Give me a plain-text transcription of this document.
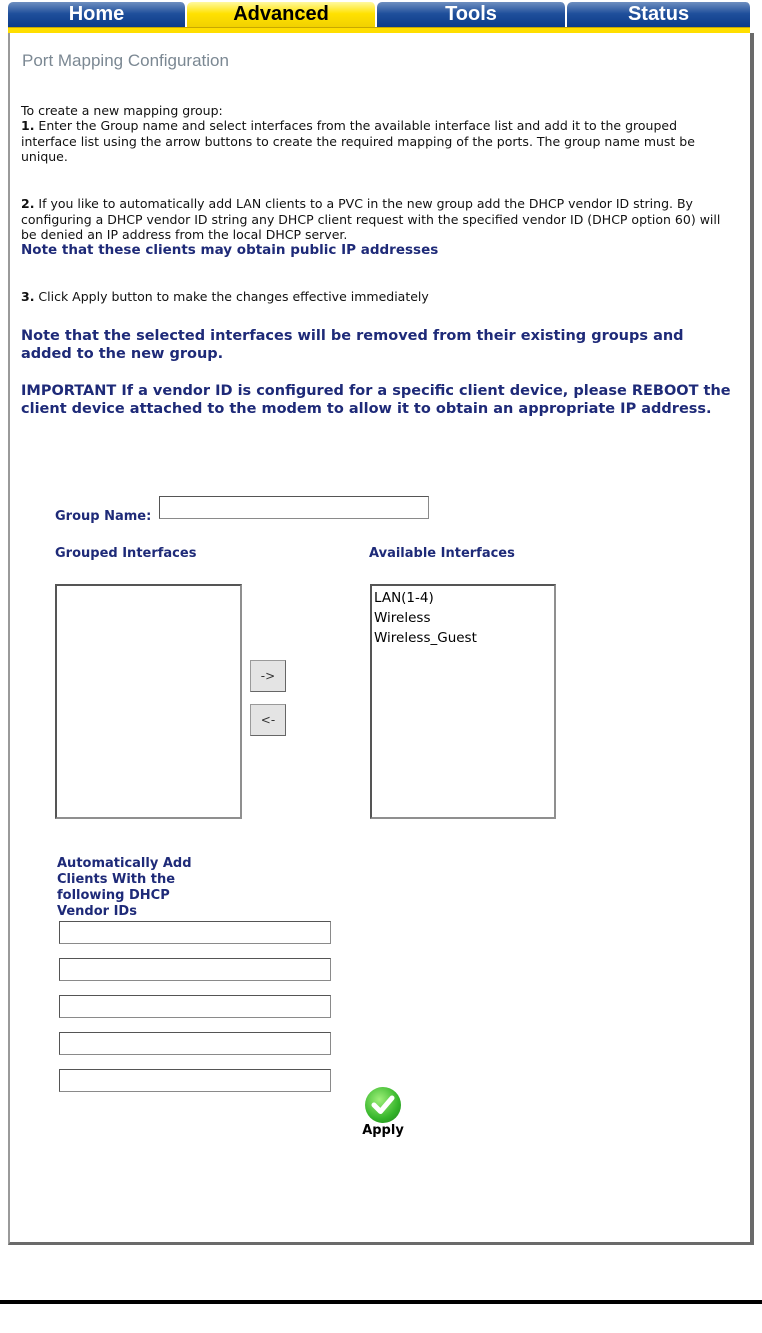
Home	Advanced	Tools	Status
Port Mapping Configuration
To create a new mapping group:
1. Enter the Group name and select interfaces from the available interface list and add it to the grouped interface list using the arrow buttons to create the required mapping of the ports. The group name must be unique.
2. If you like to automatically add LAN clients to a PVC in the new group add the DHCP vendor ID string. By configuring a DHCP vendor ID string any DHCP client request with the specified vendor ID (DHCP option 60) will be denied an IP address from the local DHCP server.
Note that these clients may obtain public IP addresses
3. Click Apply button to make the changes effective immediately
Note that the selected interfaces will be removed from their existing groups and added to the new group.
IMPORTANT If a vendor ID is configured for a specific client device, please REBOOT the client device attached to the modem to allow it to obtain an appropriate IP address.
Group Name:
Grouped Interfaces	Available Interfaces
->
<-
LAN(1-4)
Wireless
Wireless_Guest
Automatically Add Clients With the following DHCP Vendor IDs
Apply
